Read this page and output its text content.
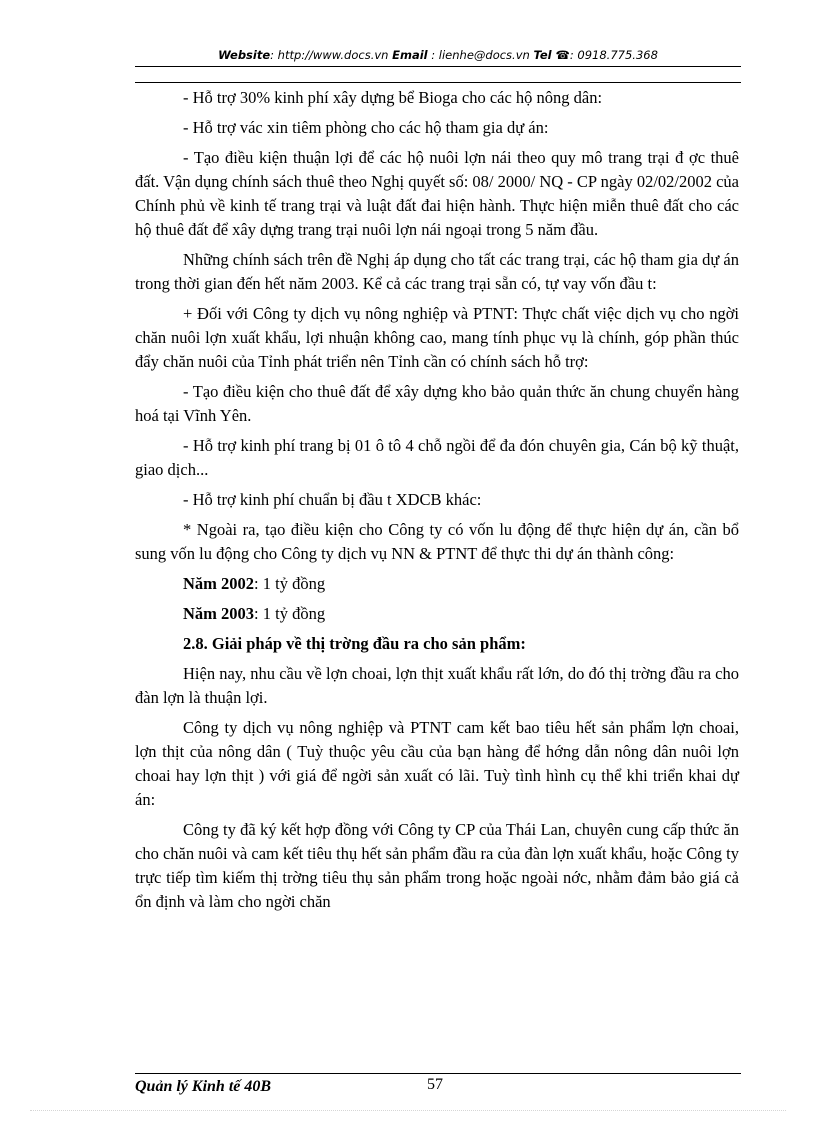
Website: http://www.docs.vn Email : lienhe@docs.vn Tel ☎: 0918.775.368

- Hỗ trợ 30% kinh phí xây dựng bể Bioga cho các hộ nông dân:

- Hỗ trợ vác xin tiêm phòng cho các hộ tham gia dự án:

- Tạo điều kiện thuận lợi để các hộ nuôi lợn nái theo quy mô trang trại đ ợc thuê đất. Vận dụng chính sách thuê theo Nghị quyết số: 08/ 2000/ NQ - CP ngày 02/02/2002 của Chính phủ về kinh tế trang trại và luật đất đai hiện hành. Thực hiện miễn thuê đất cho các hộ thuê đất để xây dựng trang trại nuôi lợn nái ngoại trong 5 năm đầu.

Những chính sách trên đề Nghị áp dụng cho tất các trang trại, các hộ tham gia dự án trong thời gian đến hết năm 2003. Kể cả các trang trại sẵn có, tự vay vốn đầu t:

+ Đối với Công ty dịch vụ nông nghiệp và PTNT: Thực chất việc dịch vụ cho ngời chăn nuôi lợn xuất khẩu, lợi nhuận không cao, mang tính phục vụ là chính, góp phần thúc đẩy chăn nuôi của Tỉnh phát triển nên Tỉnh cần có chính sách hỗ trợ:

- Tạo điều kiện cho thuê đất để xây dựng kho bảo quản thức ăn chung chuyển hàng hoá tại Vĩnh Yên.

- Hỗ trợ kinh phí trang bị 01 ô tô 4 chỗ ngồi để đa đón chuyên gia, Cán bộ kỹ thuật, giao dịch...

- Hỗ trợ kinh phí chuẩn bị đầu t XDCB khác:

* Ngoài ra, tạo điều kiện cho Công ty có vốn lu động để thực hiện dự án, cần bổ sung vốn lu động cho Công ty dịch vụ NN & PTNT để thực thi dự án thành công:

Năm 2002: 1 tỷ đồng

Năm 2003: 1 tỷ đồng

2.8. Giải pháp về thị trờng đầu ra cho sản phẩm:

Hiện nay, nhu cầu về lợn choai, lợn thịt xuất khẩu rất lớn, do đó thị trờng đầu ra cho đàn lợn là thuận lợi.

Công ty dịch vụ nông nghiệp và PTNT cam kết bao tiêu hết sản phẩm lợn choai, lợn thịt của nông dân ( Tuỳ thuộc yêu cầu của bạn hàng để hớng dẫn nông dân nuôi lợn choai hay lợn thịt ) với giá để ngời sản xuất có lãi. Tuỳ tình hình cụ thể khi triển khai dự án:

Công ty đã ký kết hợp đồng với Công ty CP của Thái Lan, chuyên cung cấp thức ăn cho chăn nuôi và cam kết tiêu thụ hết sản phẩm đầu ra của đàn lợn xuất khẩu, hoặc Công ty trực tiếp tìm kiếm thị trờng tiêu thụ sản phẩm trong hoặc ngoài nớc, nhằm đảm bảo giá cả ổn định và làm cho ngời chăn

Quản lý Kinh tế 40B	57
